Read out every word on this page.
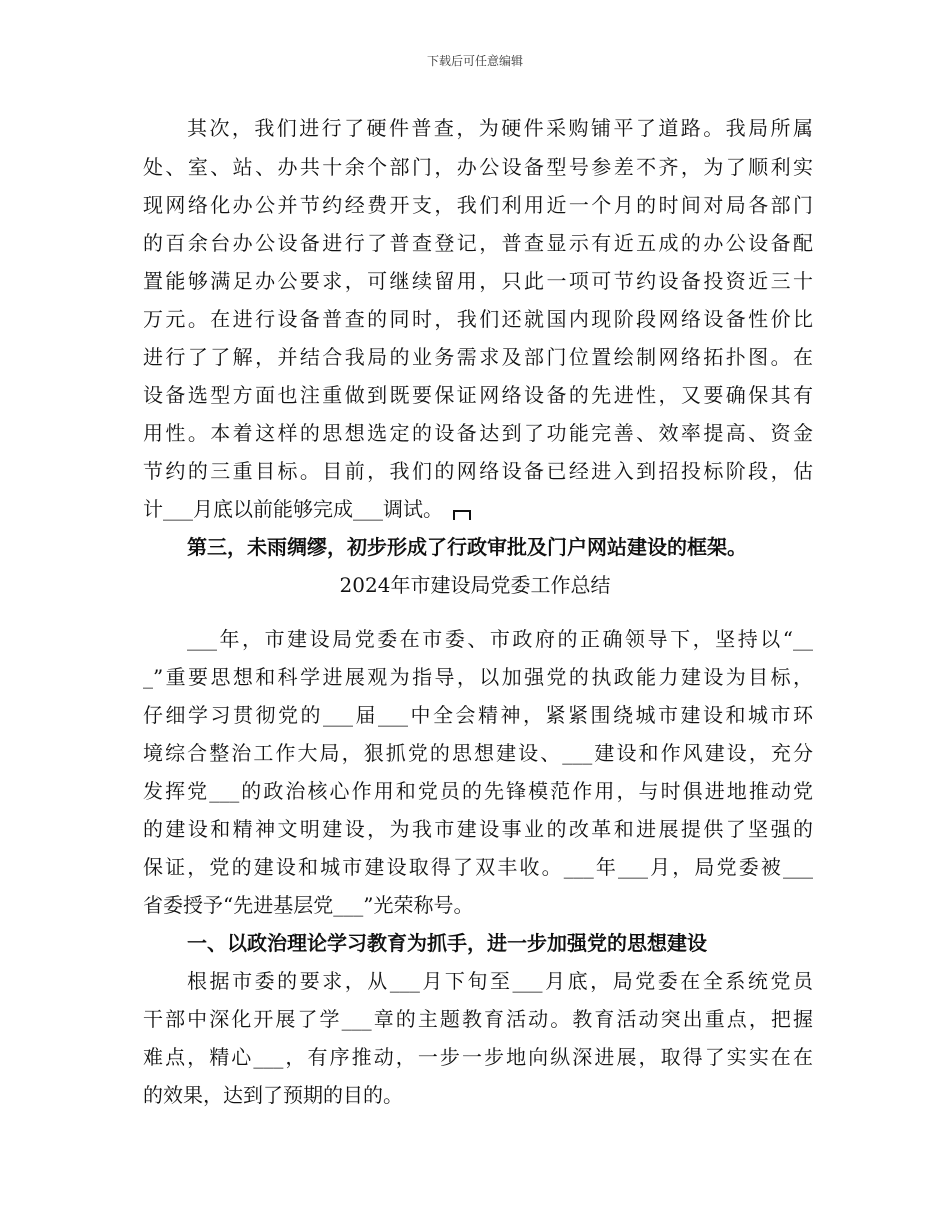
下载后可任意编辑
其次，我们进行了硬件普查，为硬件采购铺平了道路。我局所属
处、室、站、办共十余个部门，办公设备型号参差不齐，为了顺利实
现网络化办公并节约经费开支，我们利用近一个月的时间对局各部门
的百余台办公设备进行了普查登记，普查显示有近五成的办公设备配
置能够满足办公要求，可继续留用，只此一项可节约设备投资近三十
万元。在进行设备普查的同时，我们还就国内现阶段网络设备性价比
进行了了解，并结合我局的业务需求及部门位置绘制网络拓扑图。在
设备选型方面也注重做到既要保证网络设备的先进性，又要确保其有
用性。本着这样的思想选定的设备达到了功能完善、效率提高、资金
节约的三重目标。目前，我们的网络设备已经进入到招投标阶段，估
计___月底以前能够完成___调试。
第三，未雨绸缪，初步形成了行政审批及门户网站建设的框架。
2024年市建设局党委工作总结
___年，市建设局党委在市委、市政府的正确领导下，坚持以“__
_”重要思想和科学进展观为指导，以加强党的执政能力建设为目标，
仔细学习贯彻党的___届___中全会精神，紧紧围绕城市建设和城市环
境综合整治工作大局，狠抓党的思想建设、___建设和作风建设，充分
发挥党___的政治核心作用和党员的先锋模范作用，与时俱进地推动党
的建设和精神文明建设，为我市建设事业的改革和进展提供了坚强的
保证，党的建设和城市建设取得了双丰收。___年___月，局党委被___
省委授予“先进基层党___”光荣称号。
一、以政治理论学习教育为抓手，进一步加强党的思想建设
根据市委的要求，从___月下旬至___月底，局党委在全系统党员
干部中深化开展了学___章的主题教育活动。教育活动突出重点，把握
难点，精心___，有序推动，一步一步地向纵深进展，取得了实实在在
的效果，达到了预期的目的。
